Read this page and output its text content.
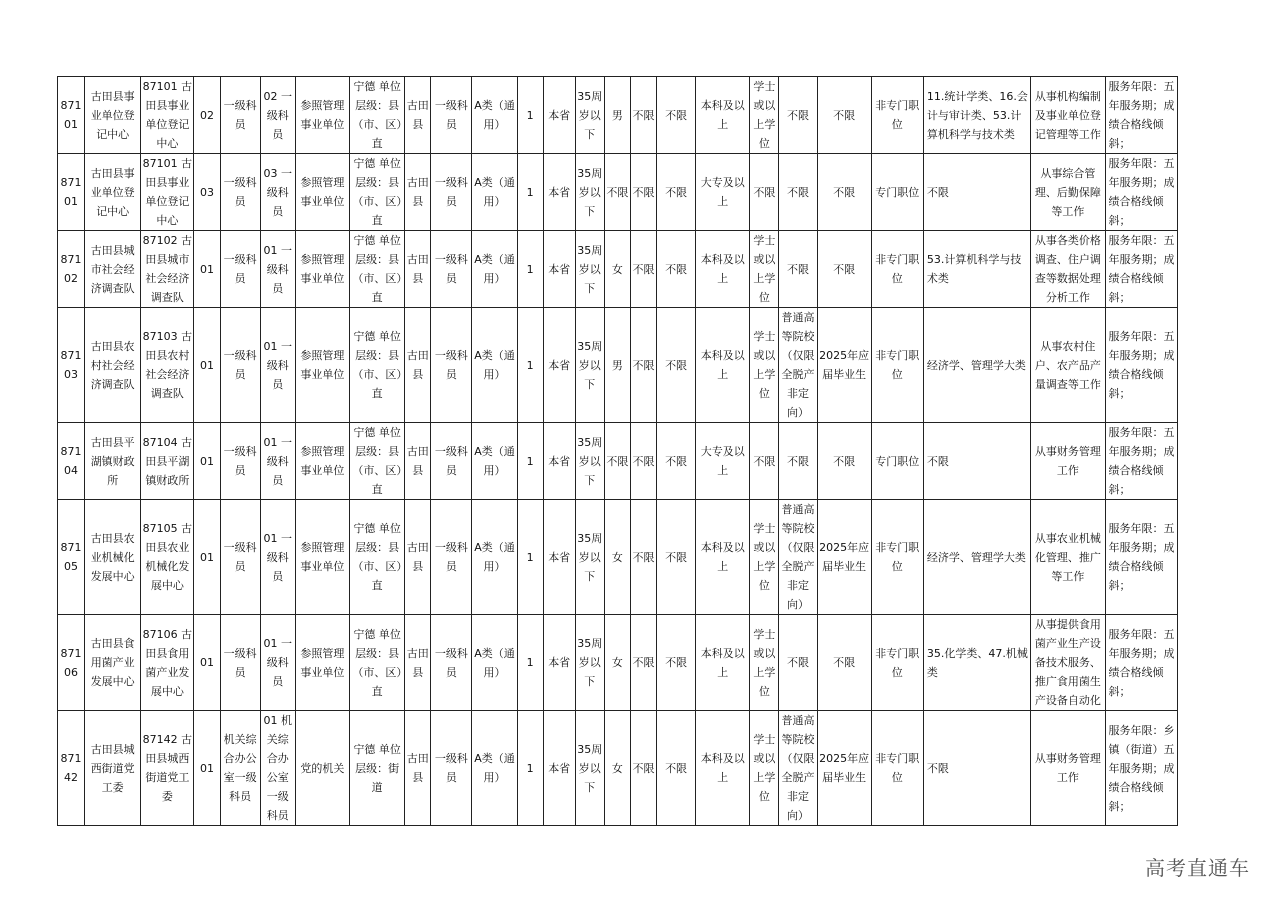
87101	古田县事业单位登记中心	87101 古田县事业单位登记中心	02	一级科员	02 一级科员	参照管理事业单位	宁德 单位层级：县（市、区）直	古田县	一级科员	A类（通用）	1	本省	35周岁以下	男	不限	不限	本科及以上	学士或以上学位	不限	不限	非专门职位	11.统计学类、16.会计与审计类、53.计算机科学与技术类	从事机构编制及事业单位登记管理等工作	服务年限：五年服务期；成绩合格线倾斜；
87101	古田县事业单位登记中心	87101 古田县事业单位登记中心	03	一级科员	03 一级科员	参照管理事业单位	宁德 单位层级：县（市、区）直	古田县	一级科员	A类（通用）	1	本省	35周岁以下	不限	不限	不限	大专及以上	不限	不限	不限	专门职位	不限	从事综合管理、后勤保障等工作	服务年限：五年服务期；成绩合格线倾斜；
87102	古田县城市社会经济调查队	87102 古田县城市社会经济调查队	01	一级科员	01 一级科员	参照管理事业单位	宁德 单位层级：县（市、区）直	古田县	一级科员	A类（通用）	1	本省	35周岁以下	女	不限	不限	本科及以上	学士或以上学位	不限	不限	非专门职位	53.计算机科学与技术类	从事各类价格调查、住户调查等数据处理分析工作	服务年限：五年服务期；成绩合格线倾斜；
87103	古田县农村社会经济调查队	87103 古田县农村社会经济调查队	01	一级科员	01 一级科员	参照管理事业单位	宁德 单位层级：县（市、区）直	古田县	一级科员	A类（通用）	1	本省	35周岁以下	男	不限	不限	本科及以上	学士或以上学位	普通高等院校（仅限全脱产非定向）	2025年应届毕业生	非专门职位	经济学、管理学大类	从事农村住户、农产品产量调查等工作	服务年限：五年服务期；成绩合格线倾斜；
87104	古田县平湖镇财政所	87104 古田县平湖镇财政所	01	一级科员	01 一级科员	参照管理事业单位	宁德 单位层级：县（市、区）直	古田县	一级科员	A类（通用）	1	本省	35周岁以下	不限	不限	不限	大专及以上	不限	不限	不限	专门职位	不限	从事财务管理工作	服务年限：五年服务期；成绩合格线倾斜；
87105	古田县农业机械化发展中心	87105 古田县农业机械化发展中心	01	一级科员	01 一级科员	参照管理事业单位	宁德 单位层级：县（市、区）直	古田县	一级科员	A类（通用）	1	本省	35周岁以下	女	不限	不限	本科及以上	学士或以上学位	普通高等院校（仅限全脱产非定向）	2025年应届毕业生	非专门职位	经济学、管理学大类	从事农业机械化管理、推广等工作	服务年限：五年服务期；成绩合格线倾斜；
87106	古田县食用菌产业发展中心	87106 古田县食用菌产业发展中心	01	一级科员	01 一级科员	参照管理事业单位	宁德 单位层级：县（市、区）直	古田县	一级科员	A类（通用）	1	本省	35周岁以下	女	不限	不限	本科及以上	学士或以上学位	不限	不限	非专门职位	35.化学类、47.机械类	从事提供食用菌产业生产设备技术服务、推广食用菌生产设备自动化	服务年限：五年服务期；成绩合格线倾斜；
87142	古田县城西街道党工委	87142 古田县城西街道党工委	01	机关综合办公室一级科员	01 机关综合办公室一级科员	党的机关	宁德 单位层级：街道	古田县	一级科员	A类（通用）	1	本省	35周岁以下	女	不限	不限	本科及以上	学士或以上学位	普通高等院校（仅限全脱产非定向）	2025年应届毕业生	非专门职位	不限	从事财务管理工作	服务年限：乡镇（街道）五年服务期；成绩合格线倾斜；
高考直通车
